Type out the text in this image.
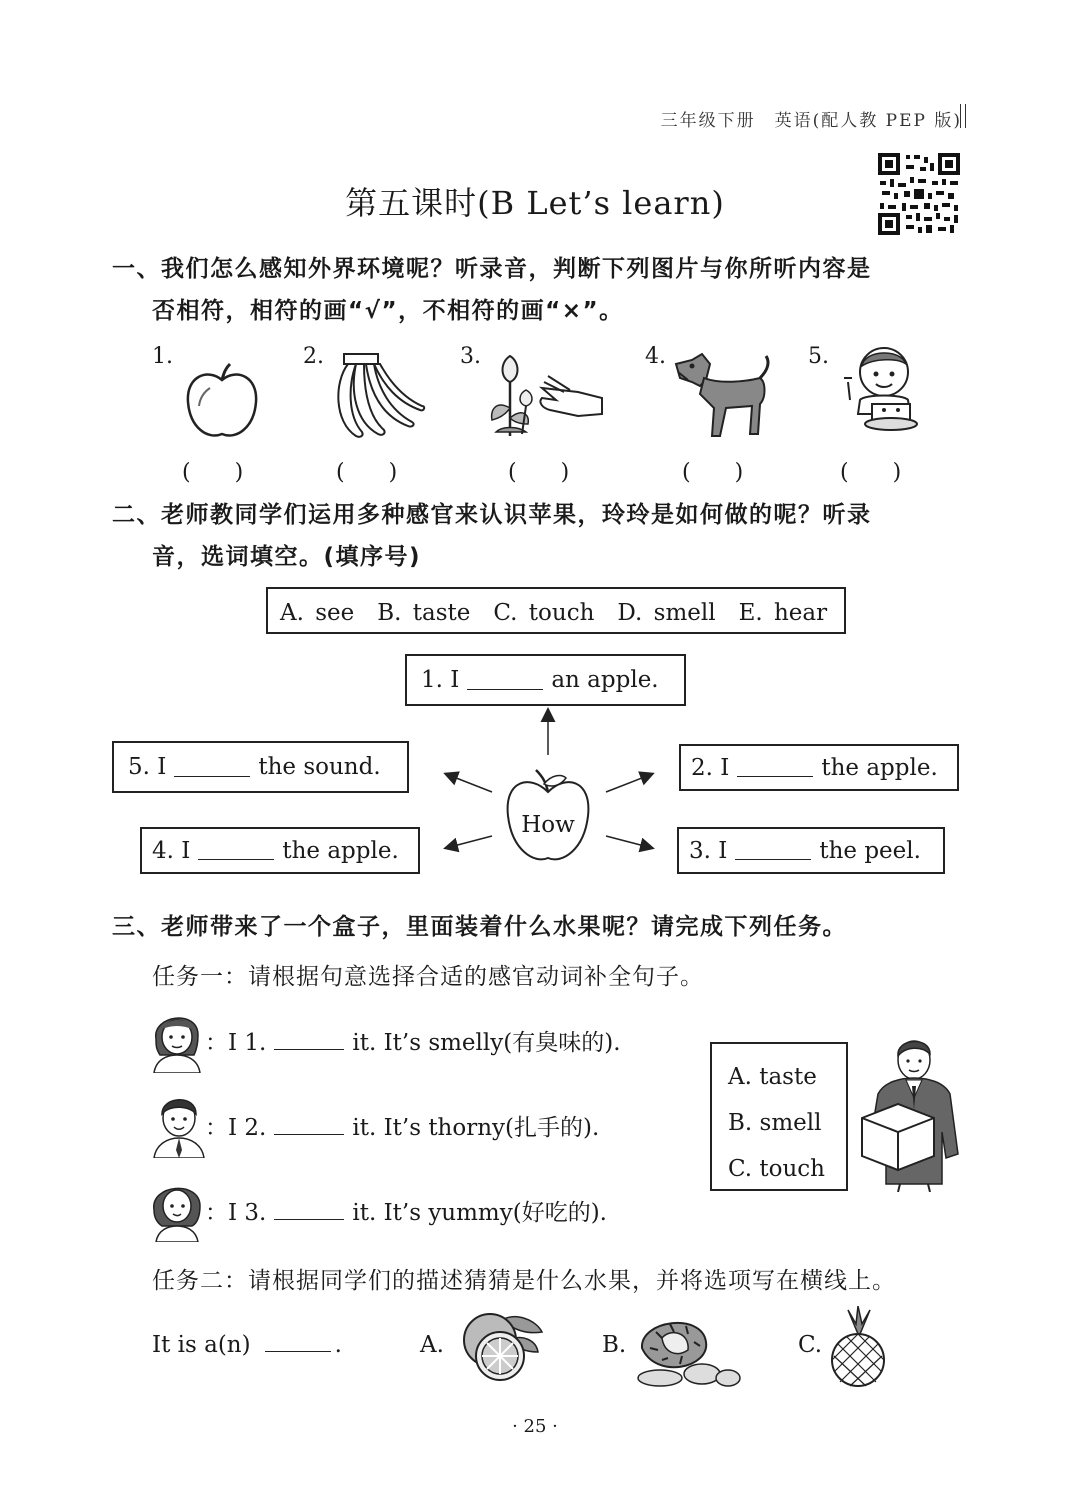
三年级下册　英语(配人教 PEP 版)
第五课时(B Let’s learn)
一、我们怎么感知外界环境呢？听录音，判断下列图片与你所听内容是
否相符，相符的画“√”，不相符的画“×”。
1.	2.	3.	4.	5.
(　　)	(　　)	(　　)	(　　)	(　　)
二、老师教同学们运用多种感官来认识苹果，玲玲是如何做的呢？听录
音，选词填空。(填序号)
A. see　B. taste　C. touch　D. smell　E. hear
1. I	an apple.
5. I	the sound.	2. I	the apple.
4. I	the apple.	3. I	the peel.
How
三、老师带来了一个盒子，里面装着什么水果呢？请完成下列任务。
任务一：请根据句意选择合适的感官动词补全句子。
：I 1.	it. It’s smelly(有臭味的).
：I 2.	it. It’s thorny(扎手的).
：I 3.	it. It’s yummy(好吃的).
A. taste
B. smell
C. touch
任务二：请根据同学们的描述猜猜是什么水果，并将选项写在横线上。
It is a(n)	.	A.	B.	C.
· 25 ·
